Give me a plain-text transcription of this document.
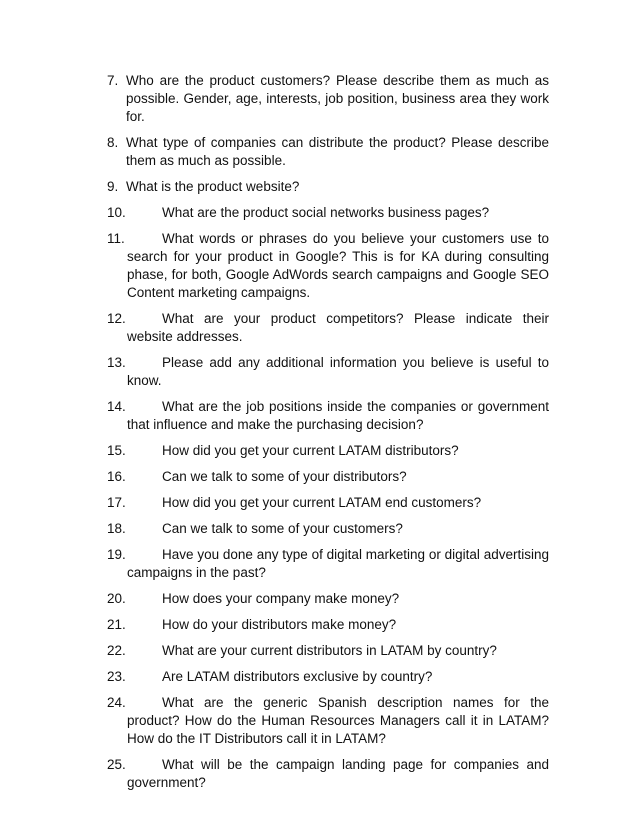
7. Who are the product customers? Please describe them as much as possible. Gender, age, interests, job position, business area they work for.
8. What type of companies can distribute the product? Please describe them as much as possible.
9. What is the product website?
10.	What are the product social networks business pages?
11.	What words or phrases do you believe your customers use to search for your product in Google? This is for KA during consulting phase, for both, Google AdWords search campaigns and Google SEO Content marketing campaigns.
12.	What are your product competitors? Please indicate their website addresses.
13.	Please add any additional information you believe is useful to know.
14.	What are the job positions inside the companies or government that influence and make the purchasing decision?
15.	How did you get your current LATAM distributors?
16.	Can we talk to some of your distributors?
17.	How did you get your current LATAM end customers?
18.	Can we talk to some of your customers?
19.	Have you done any type of digital marketing or digital advertising campaigns in the past?
20.	How does your company make money?
21.	How do your distributors make money?
22.	What are your current distributors in LATAM by country?
23.	Are LATAM distributors exclusive by country?
24.	What are the generic Spanish description names for the product? How do the Human Resources Managers call it in LATAM? How do the IT Distributors call it in LATAM?
25.	What will be the campaign landing page for companies and government?
